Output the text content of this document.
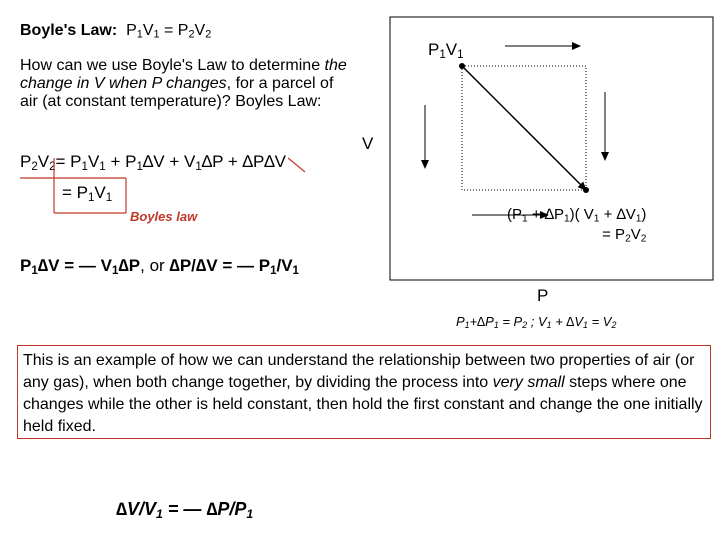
Boyle's Law: $P_1V_1 = P_2V_2$
How can we use Boyle's Law to determine the change in V when P changes, for a parcel of air (at constant temperature)? Boyles Law:
$P_2V_2= P_1V_1 + P_1\Delta V + V_1\Delta P + \Delta P\Delta V$
= $P_1V_1$
Boyles law
$P_1\Delta V$ = — $V_1\Delta P$, or ∆P/∆V = — $P_1/V_1$
$P_1V_1$
V
P
$(P_1 + \Delta P_1)$( $V_1 + \Delta V_1$)
= $P_2V_2$
$P_1+\Delta P_1 = P_2$ ; $V_1 + \Delta V_1 = V_2$
This is an example of how we can understand the relationship between two properties of air (or any gas), when both change together, by dividing the process into very small steps where one changes while the other is held constant, then hold the first constant and change the one initially held fixed.
$\Delta V/V_1$ = — $\Delta P/P_1$
